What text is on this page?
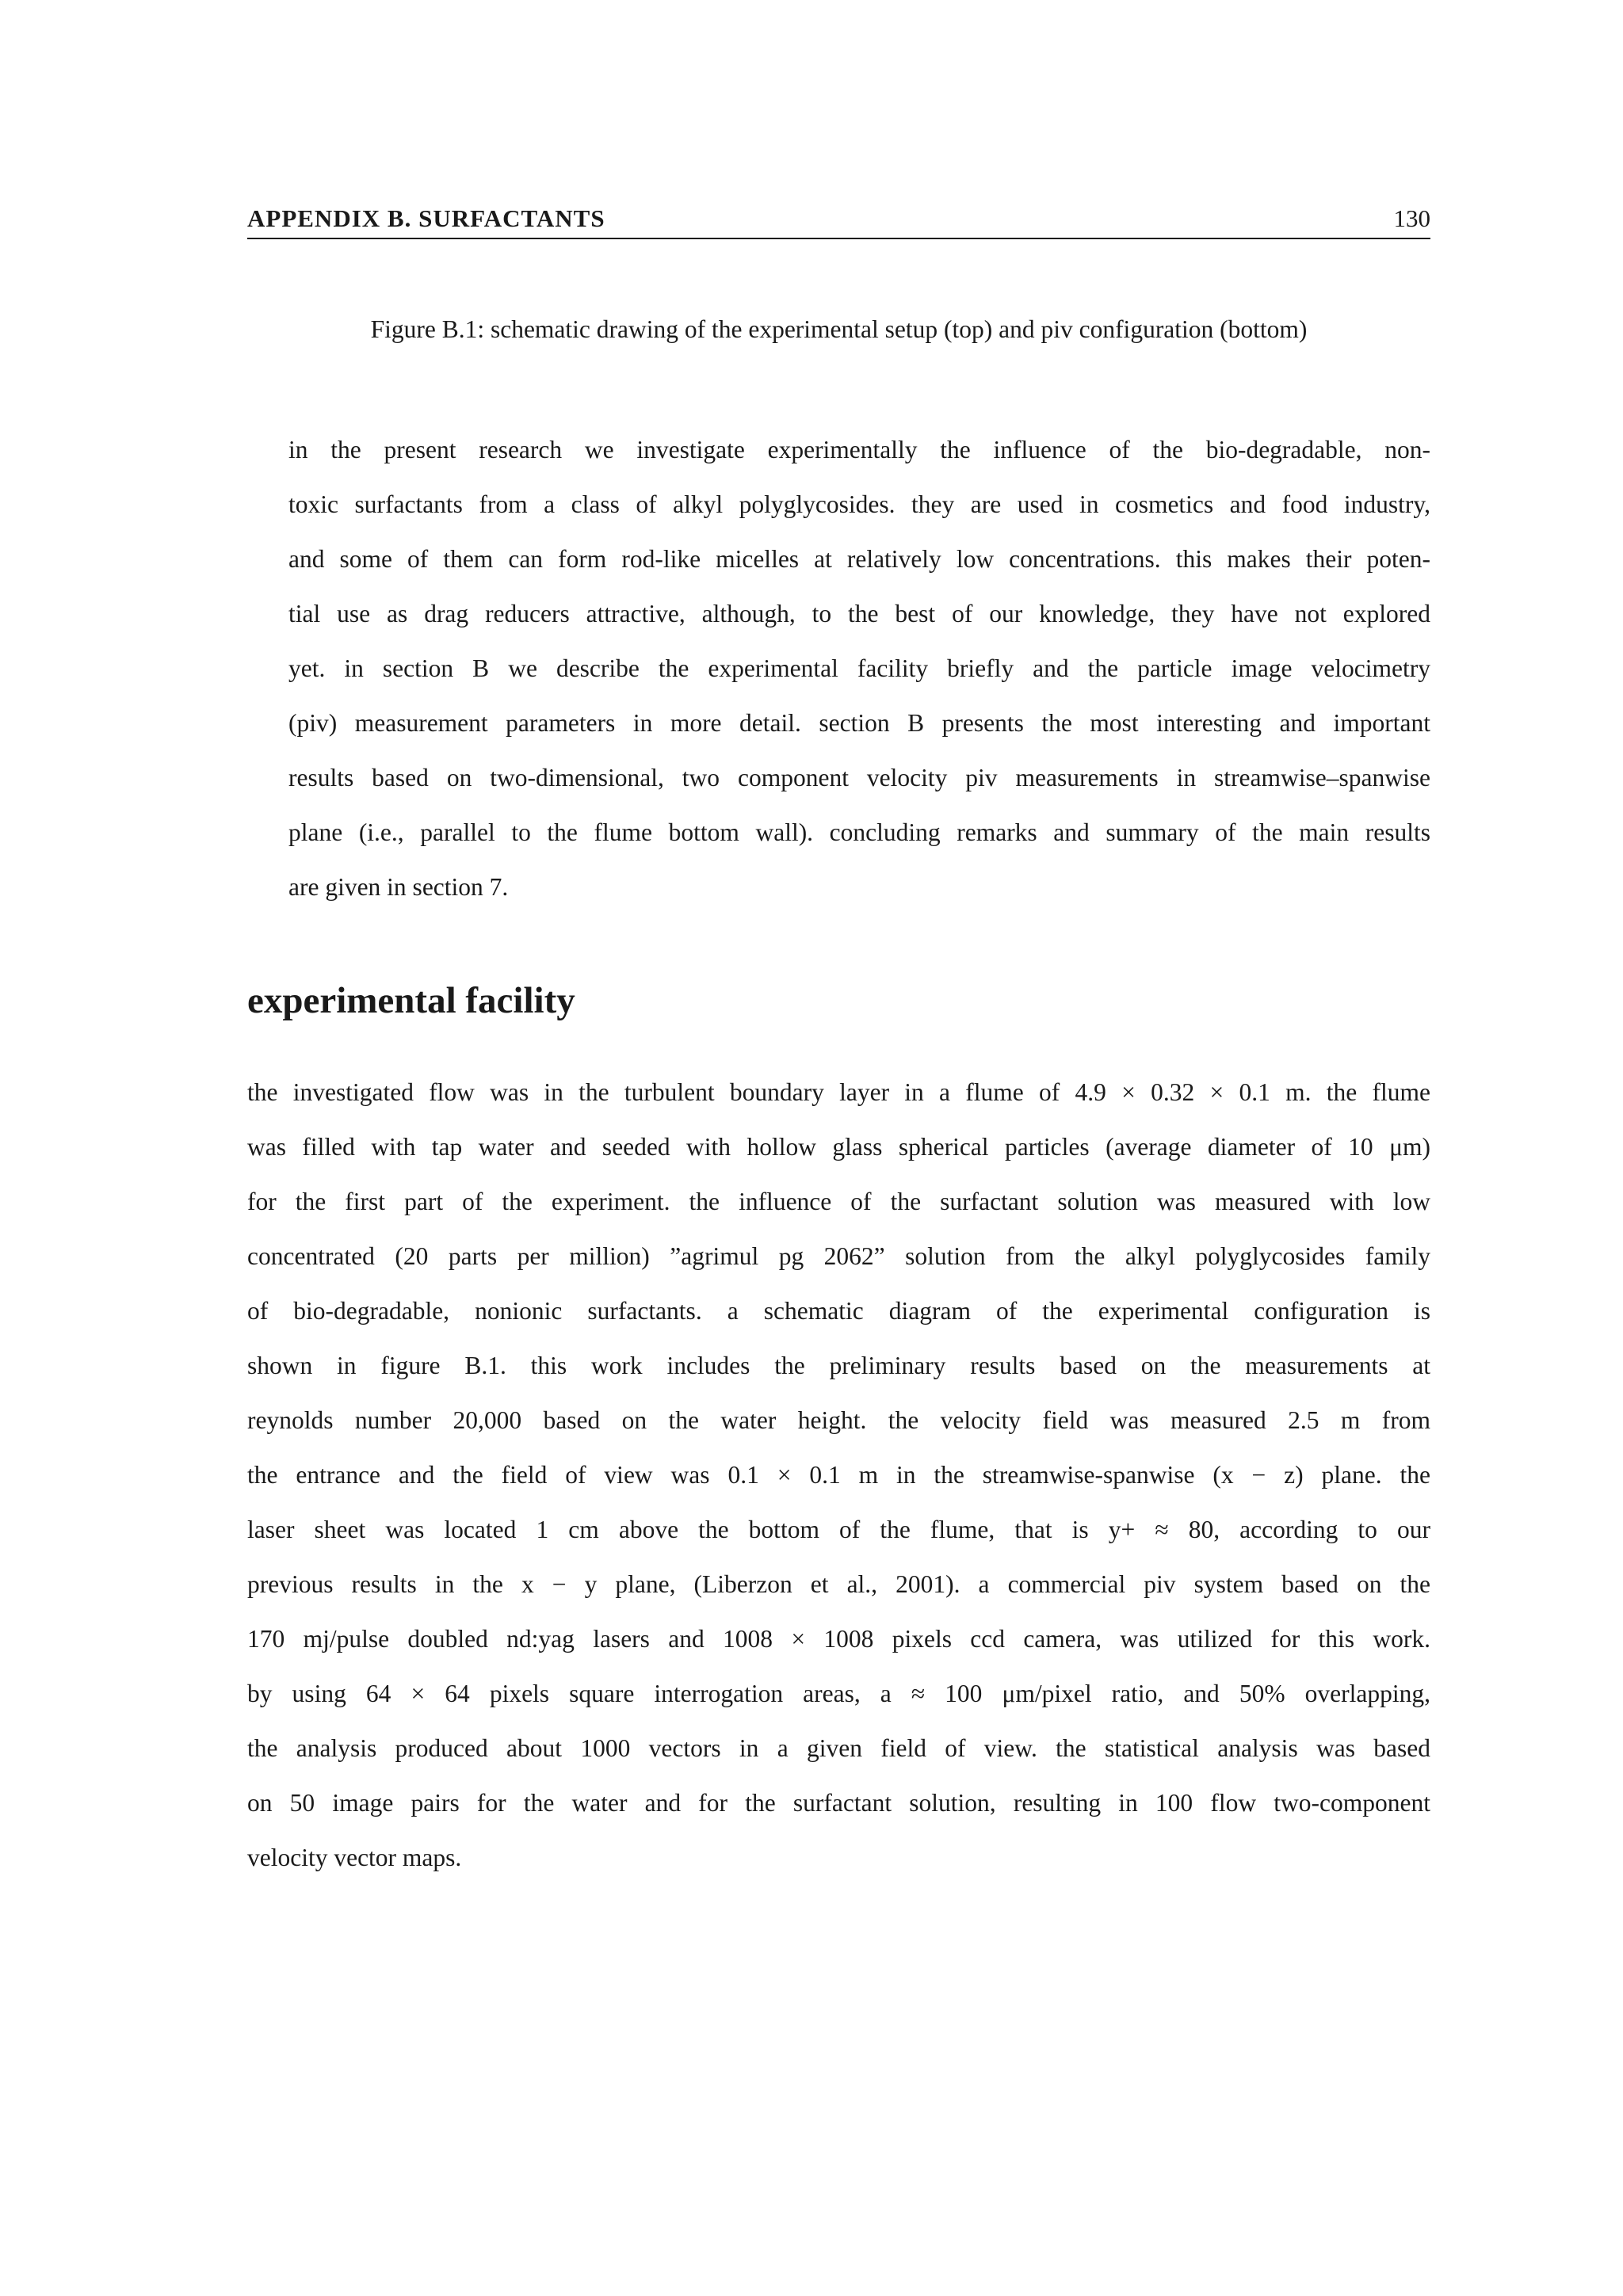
APPENDIX B. SURFACTANTS	130
Figure B.1: schematic drawing of the experimental setup (top) and piv configuration (bottom)
in the present research we investigate experimentally the influence of the bio-degradable, non-
toxic surfactants from a class of alkyl polyglycosides. they are used in cosmetics and food industry,
and some of them can form rod-like micelles at relatively low concentrations. this makes their poten-
tial use as drag reducers attractive, although, to the best of our knowledge, they have not explored
yet. in section B we describe the experimental facility briefly and the particle image velocimetry
(piv) measurement parameters in more detail. section B presents the most interesting and important
results based on two-dimensional, two component velocity piv measurements in streamwise–spanwise
plane (i.e., parallel to the flume bottom wall). concluding remarks and summary of the main results
are given in section 7.
experimental facility
the investigated flow was in the turbulent boundary layer in a flume of 4.9 × 0.32 × 0.1 m. the flume
was filled with tap water and seeded with hollow glass spherical particles (average diameter of 10 μm)
for the first part of the experiment. the influence of the surfactant solution was measured with low
concentrated (20 parts per million) ”agrimul pg 2062” solution from the alkyl polyglycosides family
of bio-degradable, nonionic surfactants. a schematic diagram of the experimental configuration is
shown in figure B.1. this work includes the preliminary results based on the measurements at
reynolds number 20,000 based on the water height. the velocity field was measured 2.5 m from
the entrance and the field of view was 0.1 × 0.1 m in the streamwise-spanwise (x − z) plane. the
laser sheet was located 1 cm above the bottom of the flume, that is y+ ≈ 80, according to our
previous results in the x − y plane, (Liberzon et al., 2001). a commercial piv system based on the
170 mj/pulse doubled nd:yag lasers and 1008 × 1008 pixels ccd camera, was utilized for this work.
by using 64 × 64 pixels square interrogation areas, a ≈ 100 μm/pixel ratio, and 50% overlapping,
the analysis produced about 1000 vectors in a given field of view. the statistical analysis was based
on 50 image pairs for the water and for the surfactant solution, resulting in 100 flow two-component
velocity vector maps.
